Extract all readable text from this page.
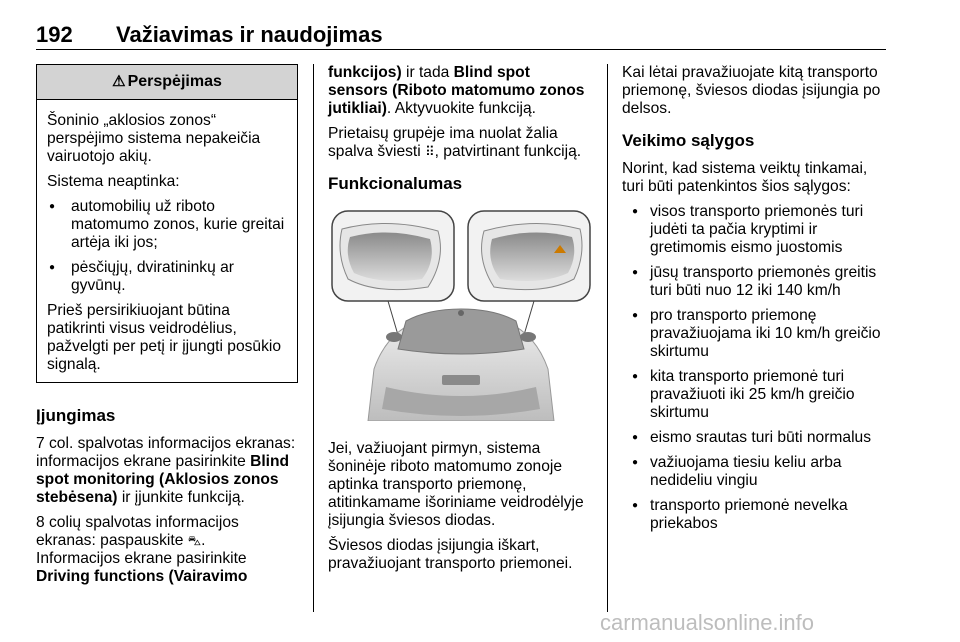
192 Važiavimas ir naudojimas
⚠ Perspėjimas

Šoninio „aklosios zonos“ perspėjimo sistema nepakeičia vairuotojo akių.

Sistema neaptinka:

● automobilių už riboto matomumo zonos, kurie greitai artėja iki jos;
● pėsčiųjų, dviratininkų ar gyvūnų.

Prieš persirikiuojant būtina patikrinti visus veidrodėlius, pažvelgti per petį ir įjungti posūkio signalą.

Įjungimas

7 col. spalvotas informacijos ekranas: informacijos ekrane pasirinkite Blind spot monitoring (Aklosios zonos stebėsena) ir įjunkite funkciją.

8 colių spalvotas informacijos ekranas: paspauskite ⛍.
Informacijos ekrane pasirinkite
Driving functions (Vairavimo

funkcijos) ir tada Blind spot sensors (Riboto matomumo zonos jutikliai). Aktyvuokite funkciją.

Prietaisų grupėje ima nuolat žalia spalva šviesti ⠿, patvirtinant funkciją.

Funkcionalumas

Jei, važiuojant pirmyn, sistema šoninėje riboto matomumo zonoje aptinka transporto priemonę, atitinkamame išoriniame veidrodėlyje įsijungia šviesos diodas.

Šviesos diodas įsijungia iškart, pravažiuojant transporto priemonei.

Kai lėtai pravažiuojate kitą transporto priemonę, šviesos diodas įsijungia po delsos.

Veikimo sąlygos

Norint, kad sistema veiktų tinkamai, turi būti patenkintos šios sąlygos:

● visos transporto priemonės turi judėti ta pačia kryptimi ir gretimomis eismo juostomis
● jūsų transporto priemonės greitis turi būti nuo 12 iki 140 km/h
● pro transporto priemonę pravažiuojama iki 10 km/h greičio skirtumu
● kita transporto priemonė turi pravažiuoti iki 25 km/h greičio skirtumu
● eismo srautas turi būti normalus
● važiuojama tiesiu keliu arba nedideliu vingiu
● transporto priemonė nevelka priekabos
carmanualsonline.info
